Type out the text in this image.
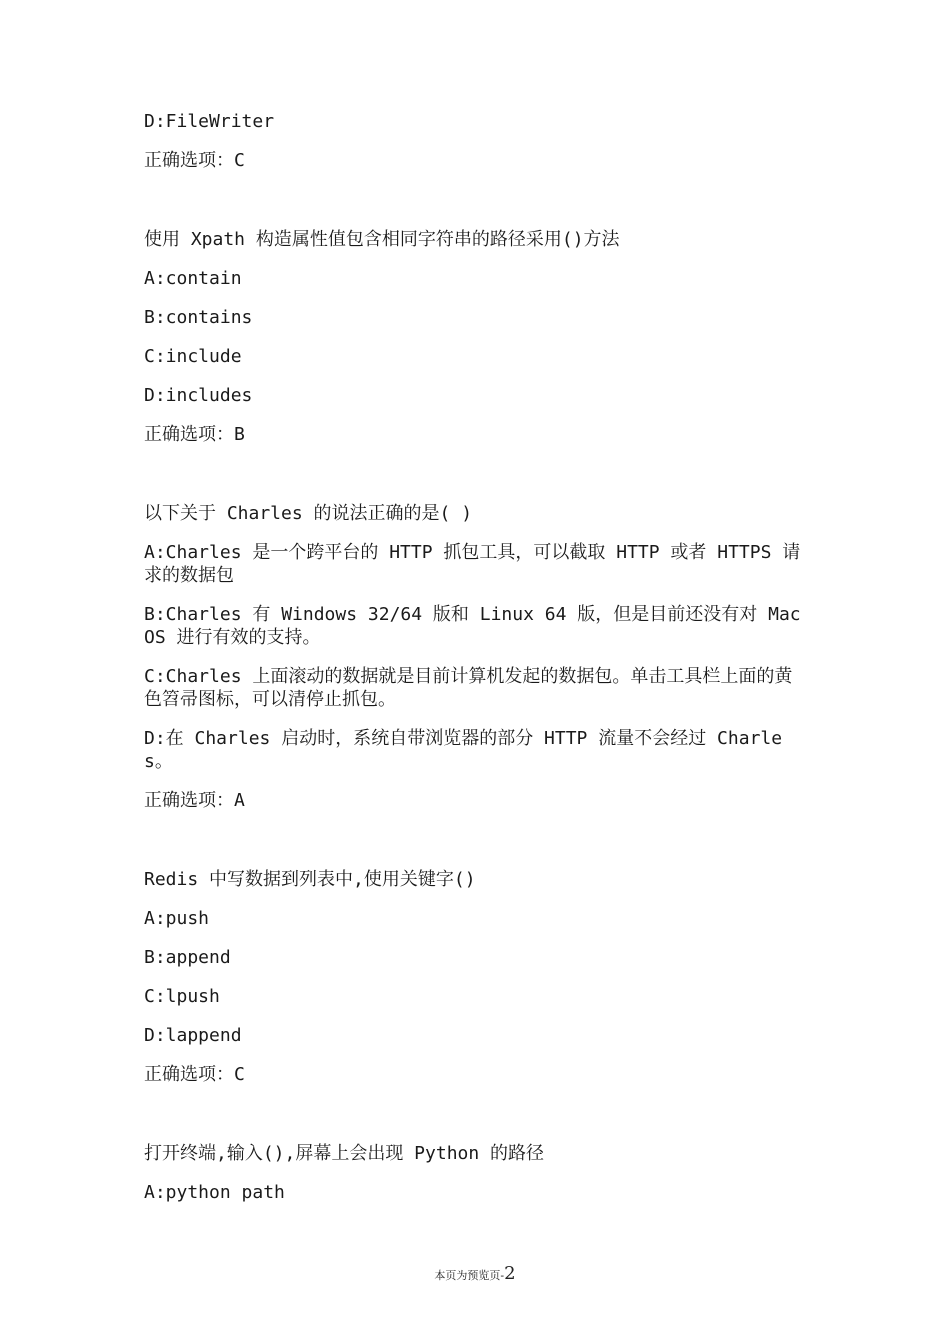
D:FileWriter

正确选项：C

使用 Xpath 构造属性值包含相同字符串的路径采用()方法

A:contain

B:contains

C:include

D:includes

正确选项：B

以下关于 Charles 的说法正确的是( )

A:Charles 是一个跨平台的 HTTP 抓包工具，可以截取 HTTP 或者 HTTPS 请求的数据包

B:Charles 有 Windows 32/64 版和 Linux 64 版，但是目前还没有对 Mac OS 进行有效的支持。

C:Charles 上面滚动的数据就是目前计算机发起的数据包。单击工具栏上面的黄色笤帚图标，可以清停止抓包。

D:在 Charles 启动时，系统自带浏览器的部分 HTTP 流量不会经过 Charles。

正确选项：A

Redis 中写数据到列表中,使用关键字()

A:push

B:append

C:lpush

D:lappend

正确选项：C

打开终端,输入(),屏幕上会出现 Python 的路径

A:python path

本页为预览页-2
